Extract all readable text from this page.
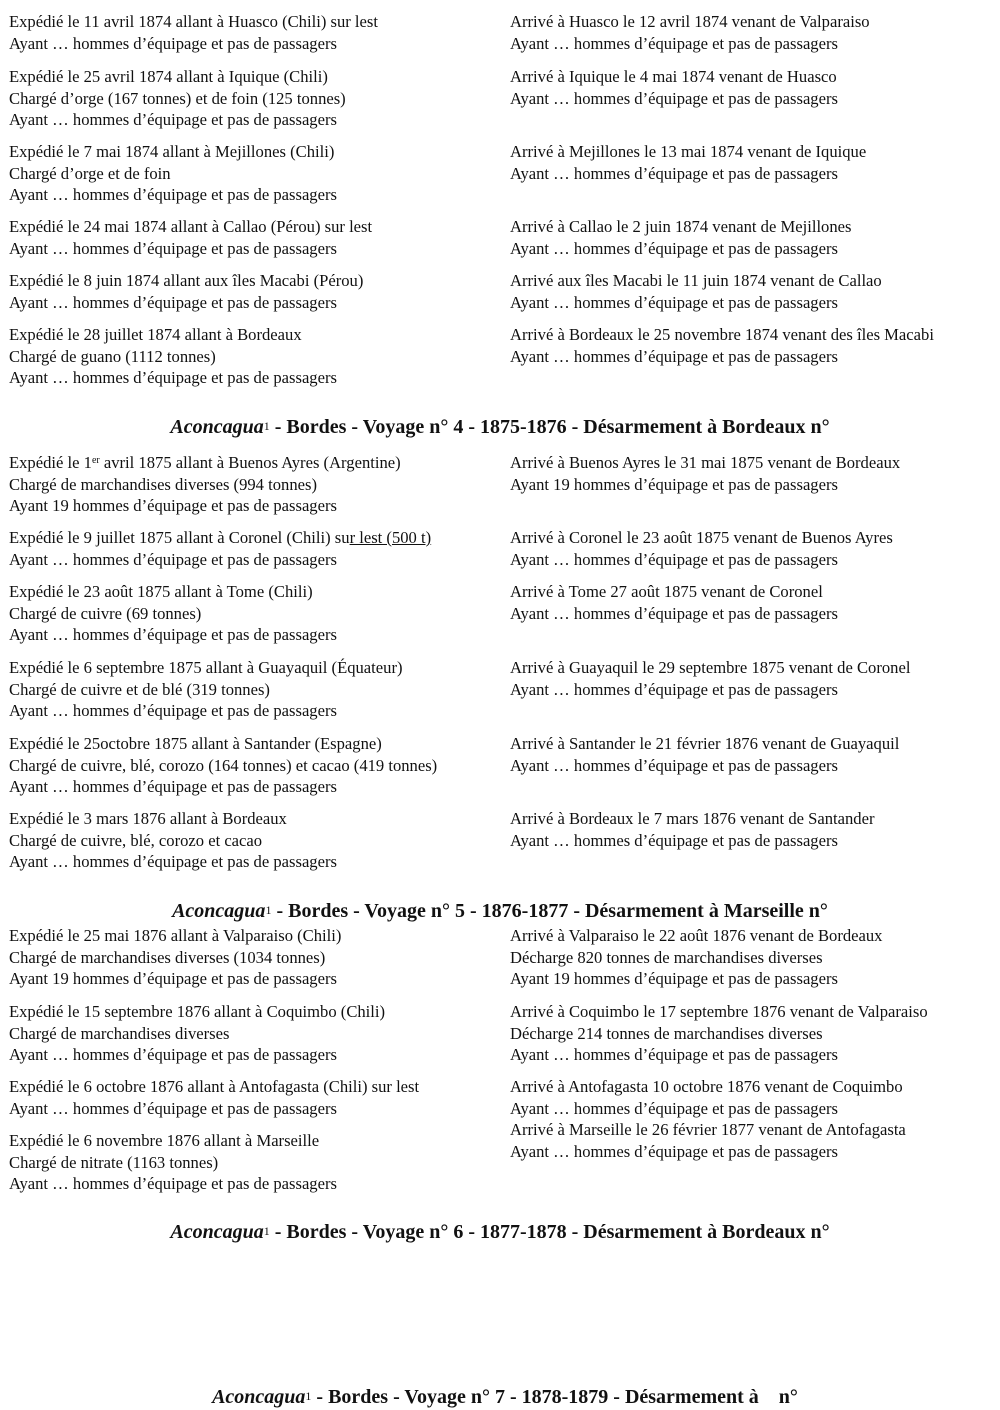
Expédié le 11 avril 1874 allant à Huasco (Chili) sur lest
Ayant … hommes d’équipage et pas de passagers
Arrivé à Huasco le 12 avril 1874 venant de Valparaiso
Ayant … hommes d’équipage et pas de passagers
Expédié le 25 avril 1874 allant à Iquique (Chili)
Chargé d’orge (167 tonnes) et de foin (125 tonnes)
Ayant … hommes d’équipage et pas de passagers
Arrivé à Iquique le 4 mai 1874 venant de Huasco
Ayant … hommes d’équipage et pas de passagers
Expédié le 7 mai 1874 allant à Mejillones (Chili)
Chargé d’orge et de foin
Ayant … hommes d’équipage et pas de passagers
Arrivé à Mejillones le 13 mai 1874 venant de Iquique
Ayant … hommes d’équipage et pas de passagers
Expédié le 24 mai 1874 allant à Callao (Pérou) sur lest
Ayant … hommes d’équipage et pas de passagers
Arrivé à Callao le 2 juin 1874 venant de Mejillones
Ayant … hommes d’équipage et pas de passagers
Expédié le 8 juin 1874 allant aux îles Macabi (Pérou)
Ayant … hommes d’équipage et pas de passagers
Arrivé aux îles Macabi le 11 juin 1874 venant de Callao
Ayant … hommes d’équipage et pas de passagers
Expédié le 28 juillet 1874 allant à Bordeaux
Chargé de guano (1112 tonnes)
Ayant … hommes d’équipage et pas de passagers
Arrivé à Bordeaux le 25 novembre 1874 venant des îles Macabi
Ayant … hommes d’équipage et pas de passagers
Aconcagua$^1$ - Bordes - Voyage n° 4 - 1875-1876 - Désarmement à Bordeaux n°
Expédié le 1er avril 1875 allant à Buenos Ayres (Argentine)
Chargé de marchandises diverses (994 tonnes)
Ayant 19 hommes d’équipage et pas de passagers
Arrivé à Buenos Ayres le 31 mai 1875 venant de Bordeaux
Ayant 19 hommes d’équipage et pas de passagers
Expédié le 9 juillet 1875 allant à Coronel (Chili) sur lest (500 t)
Ayant … hommes d’équipage et pas de passagers
Arrivé à Coronel le 23 août 1875 venant de Buenos Ayres
Ayant … hommes d’équipage et pas de passagers
Expédié le 23 août 1875 allant à Tome (Chili)
Chargé de cuivre (69 tonnes)
Ayant … hommes d’équipage et pas de passagers
Arrivé à Tome 27 août 1875 venant de Coronel
Ayant … hommes d’équipage et pas de passagers
Expédié le 6 septembre 1875 allant à Guayaquil (Équateur)
Chargé de cuivre et de blé (319 tonnes)
Ayant … hommes d’équipage et pas de passagers
Arrivé à Guayaquil le 29 septembre 1875 venant de Coronel
Ayant … hommes d’équipage et pas de passagers
Expédié le 25octobre 1875 allant à Santander (Espagne)
Chargé de cuivre, blé, corozo (164 tonnes) et cacao (419 tonnes)
Ayant … hommes d’équipage et pas de passagers
Arrivé à Santander le 21 février 1876 venant de Guayaquil
Ayant … hommes d’équipage et pas de passagers
Expédié le 3 mars 1876 allant à Bordeaux
Chargé de cuivre, blé, corozo et cacao
Ayant … hommes d’équipage et pas de passagers
Arrivé à Bordeaux le 7 mars 1876 venant de Santander
Ayant … hommes d’équipage et pas de passagers
Aconcagua$^1$ - Bordes - Voyage n° 5 - 1876-1877 - Désarmement à Marseille n°
Expédié le 25 mai 1876 allant à Valparaiso (Chili)
Chargé de marchandises diverses (1034 tonnes)
Ayant 19 hommes d’équipage et pas de passagers
Arrivé à Valparaiso le 22 août 1876 venant de Bordeaux
Décharge 820 tonnes de marchandises diverses
Ayant 19 hommes d’équipage et pas de passagers
Expédié le 15 septembre 1876 allant à Coquimbo (Chili)
Chargé de marchandises diverses
Ayant … hommes d’équipage et pas de passagers
Arrivé à Coquimbo le 17 septembre 1876 venant de Valparaiso
Décharge 214 tonnes de marchandises diverses
Ayant … hommes d’équipage et pas de passagers
Expédié le 6 octobre 1876 allant à Antofagasta (Chili) sur lest
Ayant … hommes d’équipage et pas de passagers
Arrivé à Antofagasta 10 octobre 1876 venant de Coquimbo
Ayant … hommes d’équipage et pas de passagers
Arrivé à Marseille le 26 février 1877 venant de Antofagasta
Ayant … hommes d’équipage et pas de passagers
Expédié le 6 novembre 1876 allant à Marseille
Chargé de nitrate (1163 tonnes)
Ayant … hommes d’équipage et pas de passagers
Aconcagua$^1$ - Bordes - Voyage n° 6 - 1877-1878 - Désarmement à Bordeaux n°

Aconcagua$^1$ - Bordes - Voyage n° 7 - 1878-1879 - Désarmement à    n°
